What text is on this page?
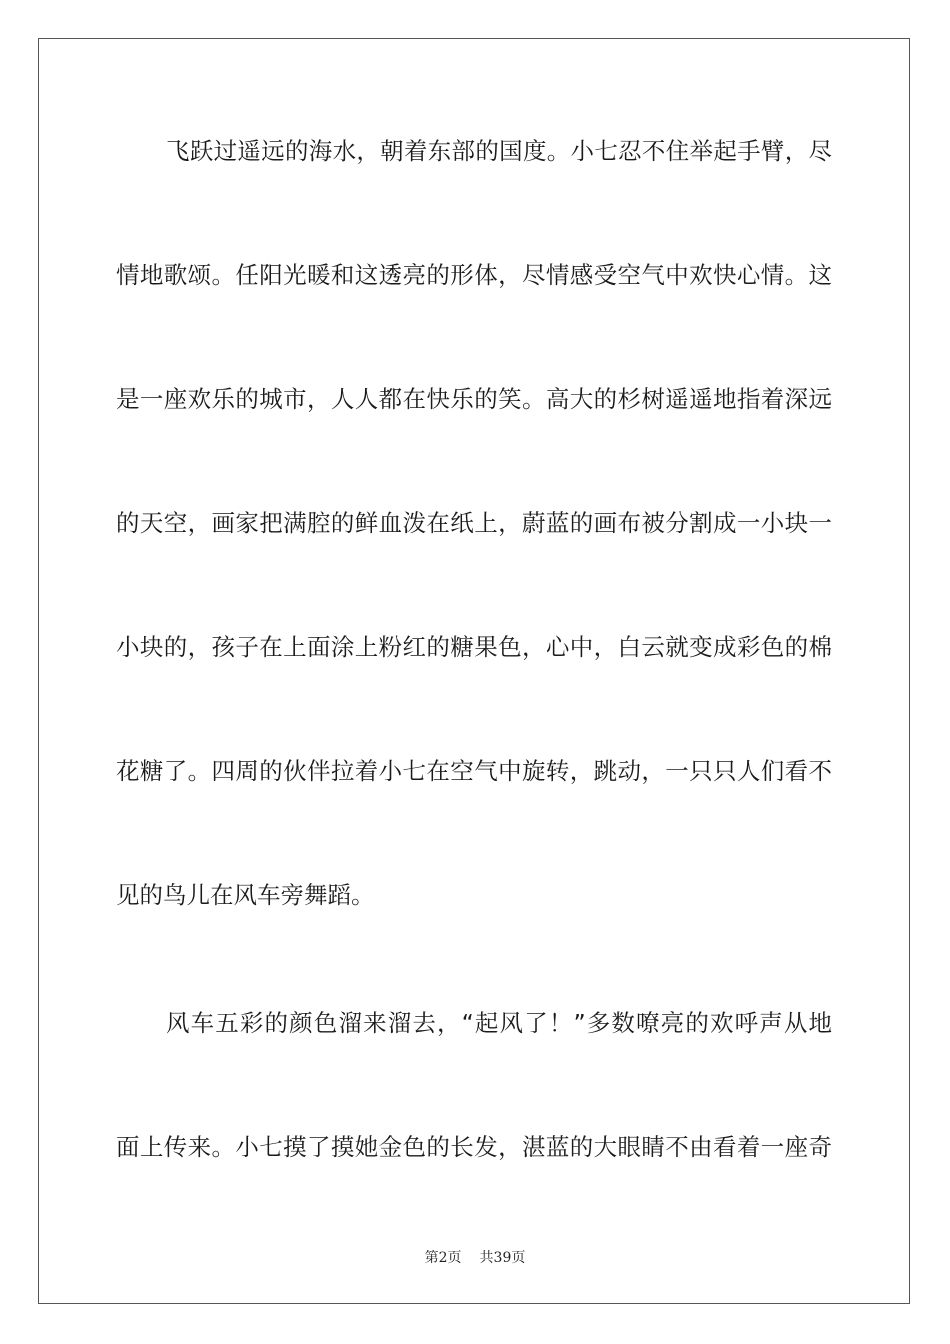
飞跃过遥远的海水，朝着东部的国度。小七忍不住举起手臂，尽
情地歌颂。任阳光暖和这透亮的形体，尽情感受空气中欢快心情。这
是一座欢乐的城市，人人都在快乐的笑。高大的杉树遥遥地指着深远
的天空，画家把满腔的鲜血泼在纸上，蔚蓝的画布被分割成一小块一
小块的，孩子在上面涂上粉红的糖果色，心中，白云就变成彩色的棉
花糖了。四周的伙伴拉着小七在空气中旋转，跳动，一只只人们看不
见的鸟儿在风车旁舞蹈。
风车五彩的颜色溜来溜去，“起风了！”多数嘹亮的欢呼声从地
面上传来。小七摸了摸她金色的长发，湛蓝的大眼睛不由看着一座奇
第2页 共39页
